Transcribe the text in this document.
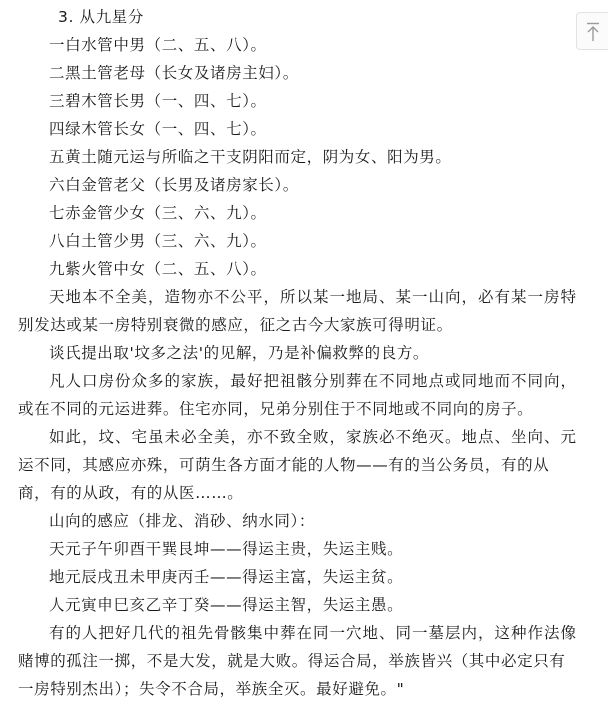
3. 从九星分
一白水管中男（二、五、八）。
二黑土管老母（长女及诸房主妇）。
三碧木管长男（一、四、七）。
四绿木管长女（一、四、七）。
五黄土随元运与所临之干支阴阳而定，阴为女、阳为男。
六白金管老父（长男及诸房家长）。
七赤金管少女（三、六、九）。
八白土管少男（三、六、九）。
九紫火管中女（二、五、八）。
天地本不全美，造物亦不公平，所以某一地局、某一山向，必有某一房特
别发达或某一房特别衰微的感应，征之古今大家族可得明证。
谈氏提出取'坟多之法'的见解，乃是补偏救弊的良方。
凡人口房份众多的家族，最好把祖骸分别葬在不同地点或同地而不同向，
或在不同的元运进葬。住宅亦同，兄弟分别住于不同地或不同向的房子。
如此，坟、宅虽未必全美，亦不致全败，家族必不绝灭。地点、坐向、元
运不同，其感应亦殊，可荫生各方面才能的人物——有的当公务员，有的从
商，有的从政，有的从医……。
山向的感应（排龙、消砂、纳水同）：
天元子午卯酉干巽艮坤——得运主贵，失运主贱。
地元辰戌丑未甲庚丙壬——得运主富，失运主贫。
人元寅申巳亥乙辛丁癸——得运主智，失运主愚。
有的人把好几代的祖先骨骸集中葬在同一穴地、同一墓层内，这种作法像
赌博的孤注一掷，不是大发，就是大败。得运合局，举族皆兴（其中必定只有
一房特别杰出）；失令不合局，举族全灭。最好避免。"
